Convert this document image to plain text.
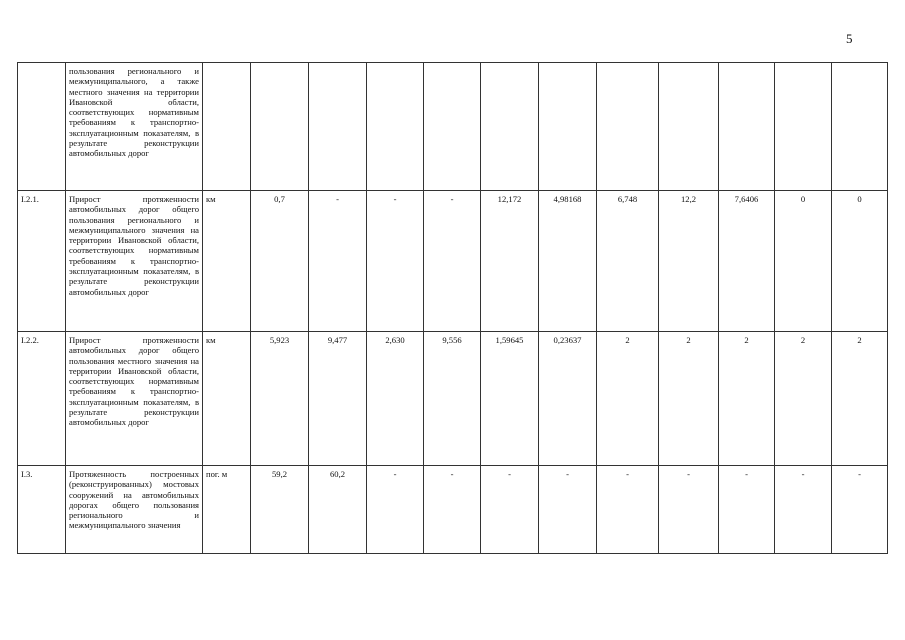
5
	пользования регионального и межмуниципального, а также местного значения на территории Ивановской области, соответствующих нормативным требованиям к транспортно-эксплуатационным показателям, в результате реконструкции автомобильных дорог												
I.2.1.	Прирост протяженности автомобильных дорог общего пользования регионального и межмуниципального значения на территории Ивановской области, соответствующих нормативным требованиям к транспортно-эксплуатационным показателям, в результате реконструкции автомобильных дорог	км	0,7	-	-	-	12,172	4,98168	6,748	12,2	7,6406	0	0
I.2.2.	Прирост протяженности автомобильных дорог общего пользования местного значения на территории Ивановской области, соответствующих нормативным требованиям к транспортно-эксплуатационным показателям, в результате реконструкции автомобильных дорог	км	5,923	9,477	2,630	9,556	1,59645	0,23637	2	2	2	2	2
I.3.	Протяженность построенных (реконструированных) мостовых сооружений на автомобильных дорогах общего пользования регионального и межмуниципального значения	пог. м	59,2	60,2	-	-	-	-	-	-	-	-	-
